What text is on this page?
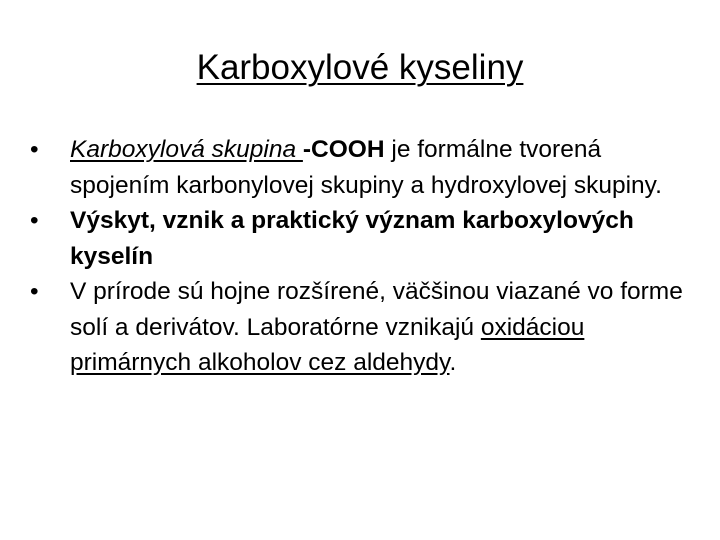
Karboxylové kyseliny
•	Karboxylová skupina -COOH je formálne tvorená spojením karbonylovej skupiny a hydroxylovej skupiny.
•	Výskyt, vznik a praktický význam karboxylových kyselín
•	V prírode sú hojne rozšírené, väčšinou viazané vo forme solí a derivátov. Laboratórne vznikajú oxidáciou primárnych alkoholov cez aldehydy.
